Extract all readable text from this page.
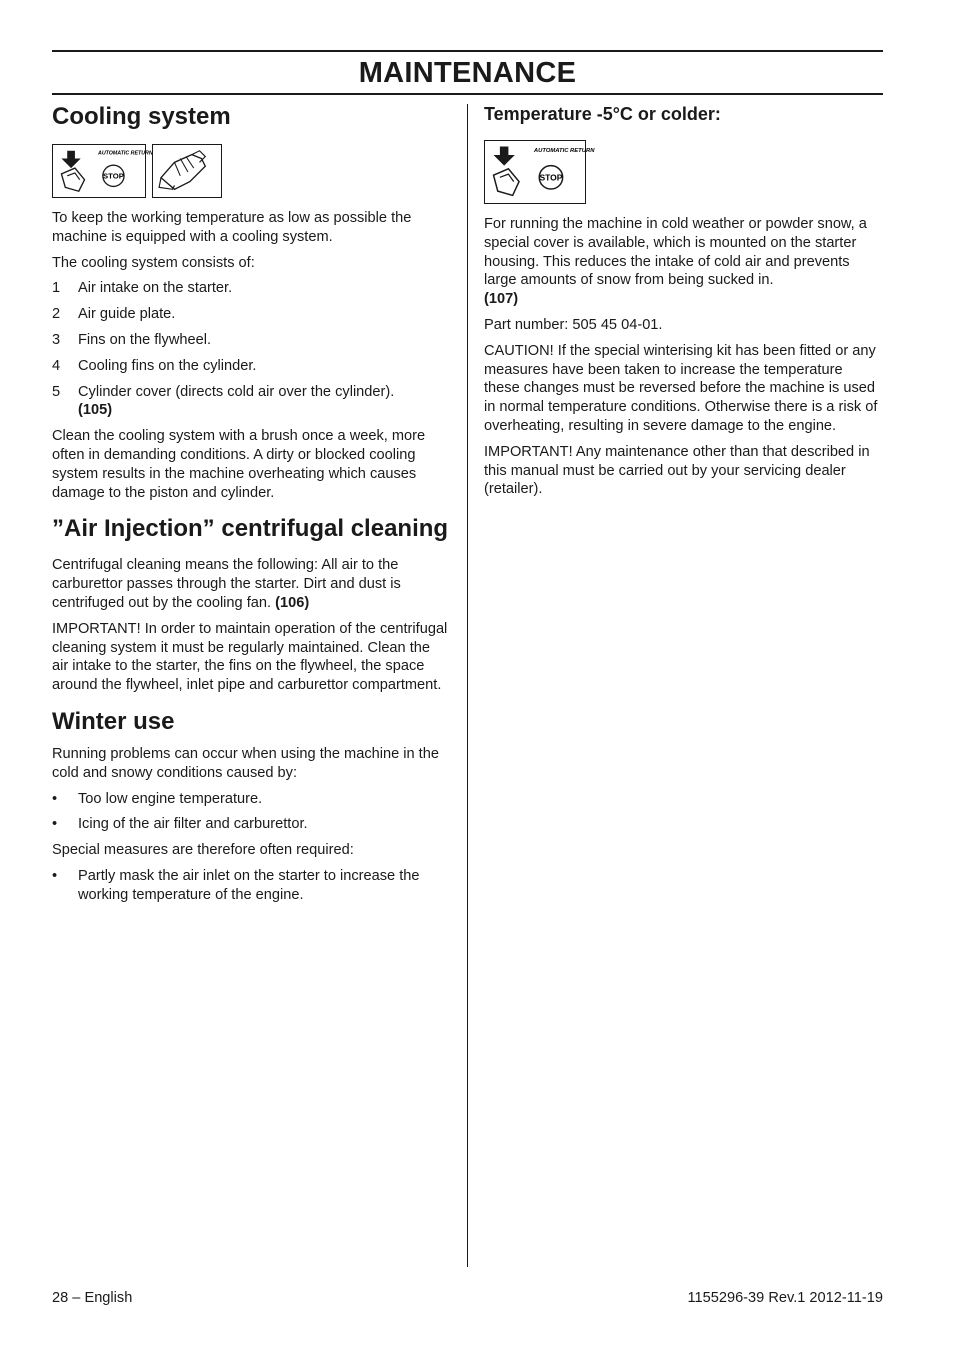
MAINTENANCE
Cooling system
AUTOMATIC RETURN
STOP

To keep the working temperature as low as possible the machine is equipped with a cooling system.

The cooling system consists of:

1	Air intake on the starter.
2	Air guide plate.
3	Fins on the flywheel.
4	Cooling fins on the cylinder.
5	Cylinder cover (directs cold air over the cylinder).
(105)

Clean the cooling system with a brush once a week, more often in demanding conditions. A dirty or blocked cooling system results in the machine overheating which causes damage to the piston and cylinder.

”Air Injection” centrifugal cleaning

Centrifugal cleaning means the following: All air to the carburettor passes through the starter. Dirt and dust is centrifuged out by the cooling fan. (106)

IMPORTANT! In order to maintain operation of the centrifugal cleaning system it must be regularly maintained. Clean the air intake to the starter, the fins on the flywheel, the space around the flywheel, inlet pipe and carburettor compartment.

Winter use

Running problems can occur when using the machine in the cold and snowy conditions caused by:

•	Too low engine temperature.
•	Icing of the air filter and carburettor.

Special measures are therefore often required:

•	Partly mask the air inlet on the starter to increase the working temperature of the engine.
Temperature -5°C or colder:
AUTOMATIC RETURN
STOP

For running the machine in cold weather or powder snow, a special cover is available, which is mounted on the starter housing. This reduces the intake of cold air and prevents large amounts of snow from being sucked in.
(107)

Part number: 505 45 04-01.

CAUTION! If the special winterising kit has been fitted or any measures have been taken to increase the temperature these changes must be reversed before the machine is used in normal temperature conditions. Otherwise there is a risk of overheating, resulting in severe damage to the engine.

IMPORTANT! Any maintenance other than that described in this manual must be carried out by your servicing dealer (retailer).

28 – English	1155296-39 Rev.1 2012-11-19
